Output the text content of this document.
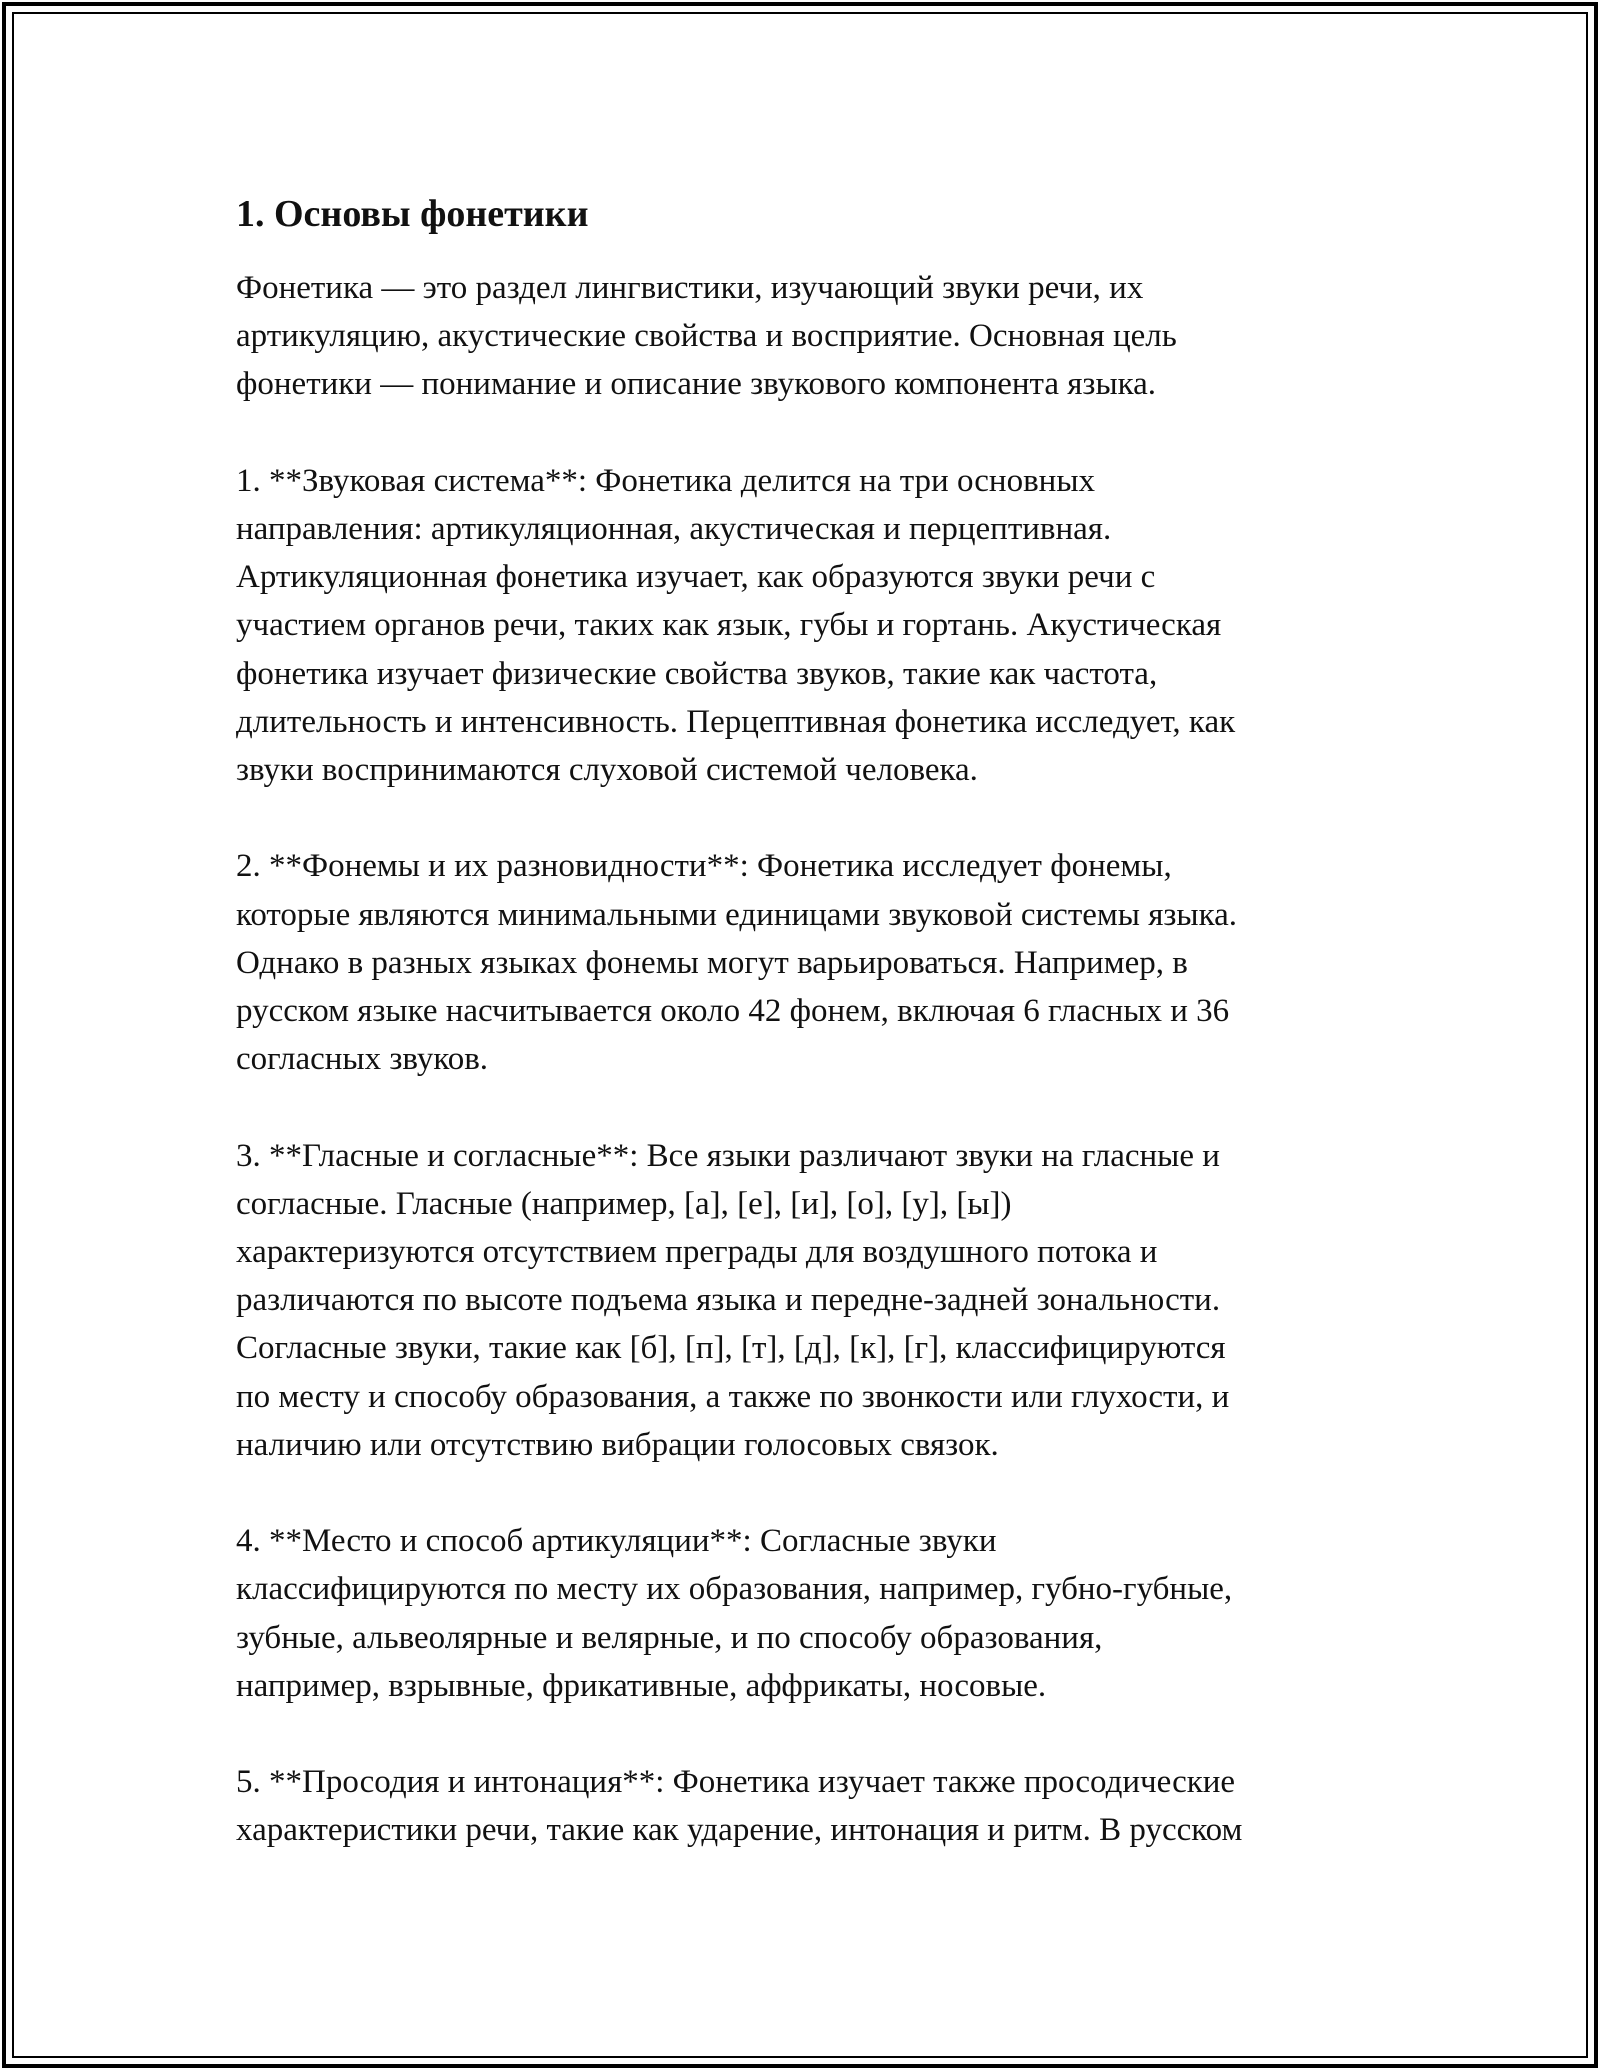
1. Основы фонетики

Фонетика — это раздел лингвистики, изучающий звуки речи, их
артикуляцию, акустические свойства и восприятие. Основная цель
фонетики — понимание и описание звукового компонента языка.

1. **Звуковая система**: Фонетика делится на три основных
направления: артикуляционная, акустическая и перцептивная.
Артикуляционная фонетика изучает, как образуются звуки речи с
участием органов речи, таких как язык, губы и гортань. Акустическая
фонетика изучает физические свойства звуков, такие как частота,
длительность и интенсивность. Перцептивная фонетика исследует, как
звуки воспринимаются слуховой системой человека.

2. **Фонемы и их разновидности**: Фонетика исследует фонемы,
которые являются минимальными единицами звуковой системы языка.
Однако в разных языках фонемы могут варьироваться. Например, в
русском языке насчитывается около 42 фонем, включая 6 гласных и 36
согласных звуков.

3. **Гласные и согласные**: Все языки различают звуки на гласные и
согласные. Гласные (например, [а], [е], [и], [о], [у], [ы])
характеризуются отсутствием преграды для воздушного потока и
различаются по высоте подъема языка и передне-задней зональности.
Согласные звуки, такие как [б], [п], [т], [д], [к], [г], классифицируются
по месту и способу образования, а также по звонкости или глухости, и
наличию или отсутствию вибрации голосовых связок.

4. **Место и способ артикуляции**: Согласные звуки
классифицируются по месту их образования, например, губно-губные,
зубные, альвеолярные и велярные, и по способу образования,
например, взрывные, фрикативные, аффрикаты, носовые.

5. **Просодия и интонация**: Фонетика изучает также просодические
характеристики речи, такие как ударение, интонация и ритм. В русском
